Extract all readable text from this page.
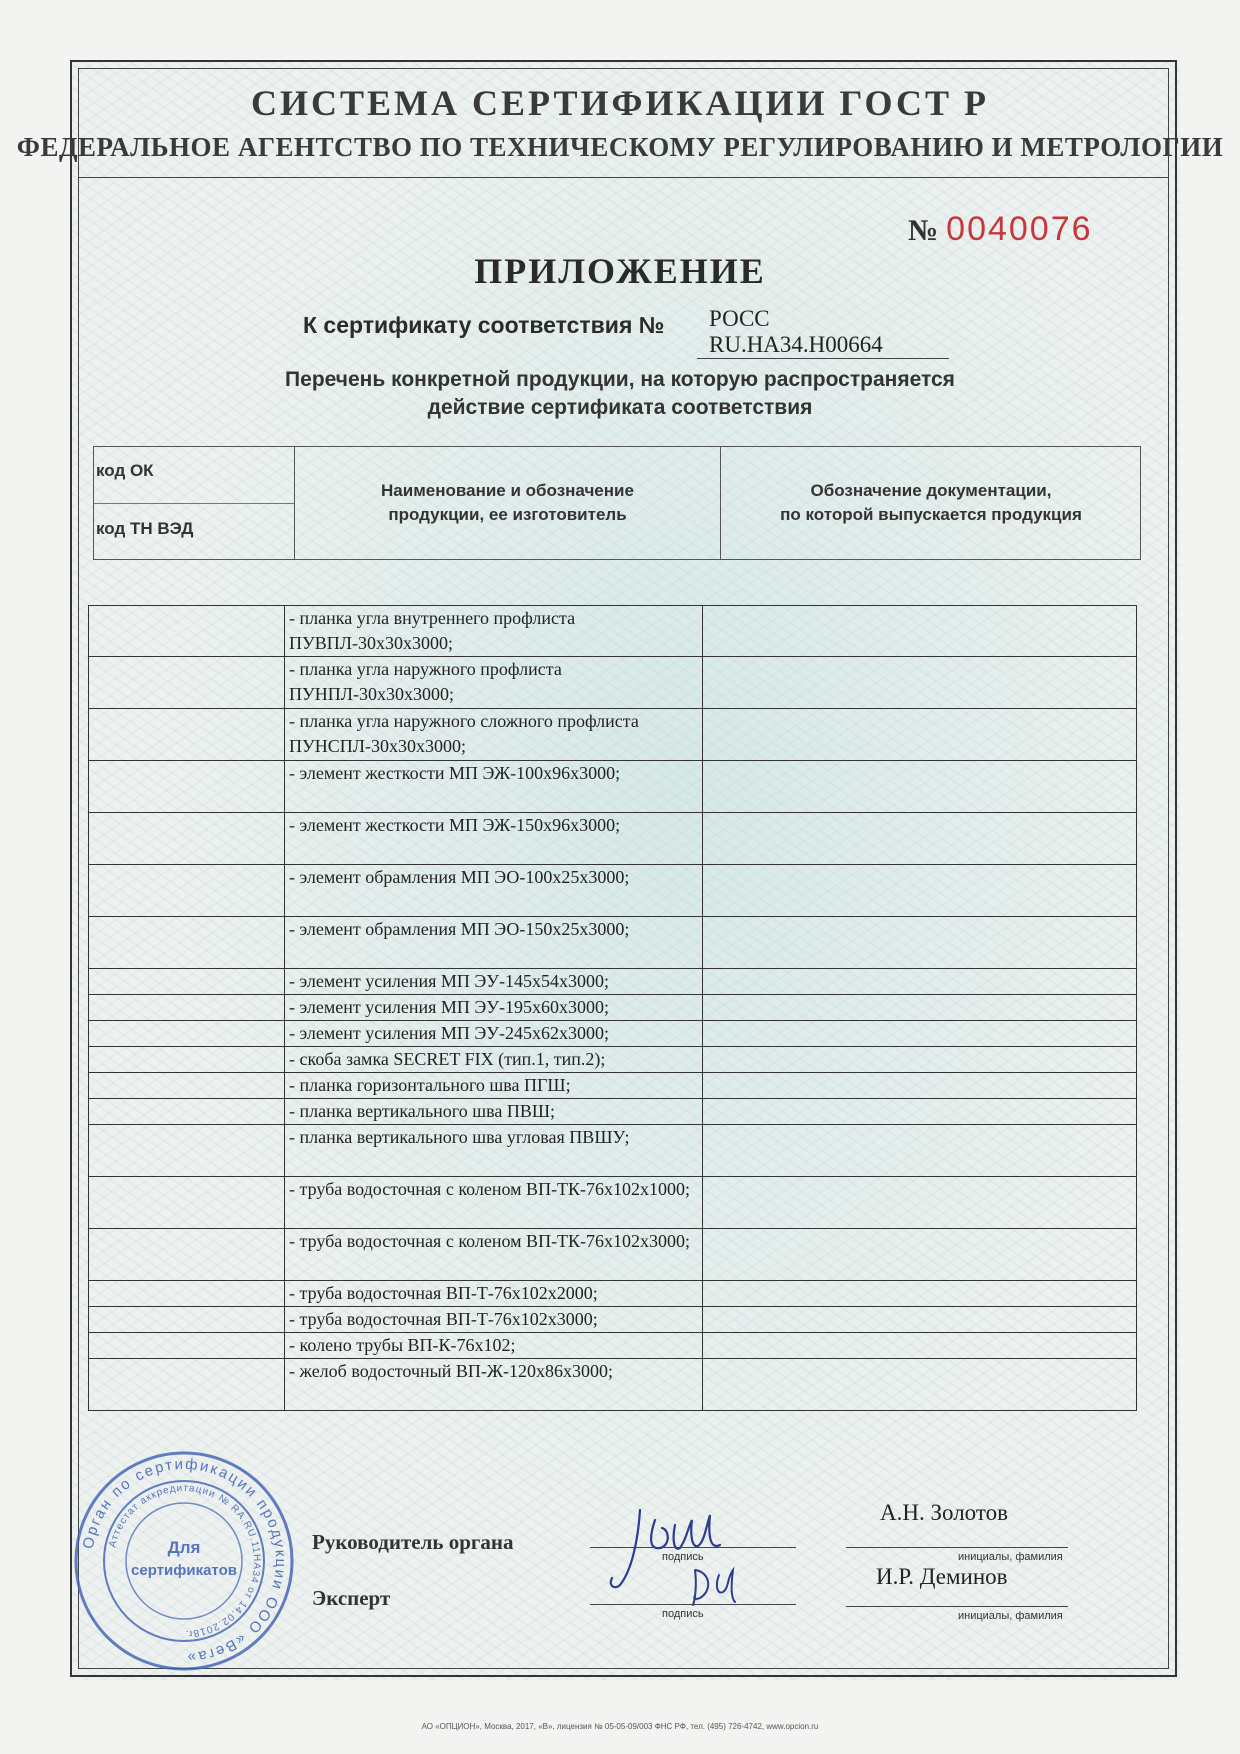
СИСТЕМА СЕРТИФИКАЦИИ ГОСТ Р
ФЕДЕРАЛЬНОЕ АГЕНТСТВО ПО ТЕХНИЧЕСКОМУ РЕГУЛИРОВАНИЮ И МЕТРОЛОГИИ
№ 0040076
ПРИЛОЖЕНИЕ
К сертификату соответствия №	РОСС RU.НА34.Н00664
Перечень конкретной продукции, на которую распространяется
действие сертификата соответствия
код ОК
код ТН ВЭД
Наименование и обозначение
продукции, ее изготовитель
Обозначение документации,
по которой выпускается продукция
	- планка угла внутреннего профлиста ПУВПЛ-30х30х3000;	
	- планка угла наружного профлиста ПУНПЛ-30х30х3000;	
	- планка угла наружного сложного профлиста ПУНСПЛ-30х30х3000;	
	- элемент жесткости МП ЭЖ-100х96х3000;	
	- элемент жесткости МП ЭЖ-150х96х3000;	
	- элемент обрамления МП ЭО-100х25х3000;	
	- элемент обрамления МП ЭО-150х25х3000;	
	- элемент усиления МП ЭУ-145х54х3000;	
	- элемент усиления МП ЭУ-195х60х3000;	
	- элемент усиления МП ЭУ-245х62х3000;	
	- скоба замка SECRET FIX (тип.1, тип.2);	
	- планка горизонтального шва ПГШ;	
	- планка вертикального шва ПВШ;	
	- планка вертикального шва угловая ПВШУ;	
	- труба водосточная с коленом ВП-ТК-76х102х1000;	
	- труба водосточная с коленом ВП-ТК-76х102х3000;	
	- труба водосточная ВП-Т-76х102х2000;	
	- труба водосточная ВП-Т-76х102х3000;	
	- колено трубы ВП-К-76х102;	
	- желоб водосточный ВП-Ж-120х86х3000;	
Орган по сертификации продукции ООО «Вега»
Аттестат аккредитации № RA.RU.11НА34 от 14.02.2018г.
Для
сертификатов
Руководитель органа
Эксперт
подпись
подпись
А.Н. Золотов
инициалы, фамилия
И.Р. Деминов
инициалы, фамилия
АО «ОПЦИОН», Москва, 2017, «В», лицензия № 05-05-09/003 ФНС РФ, тел. (495) 726-4742, www.opcion.ru
